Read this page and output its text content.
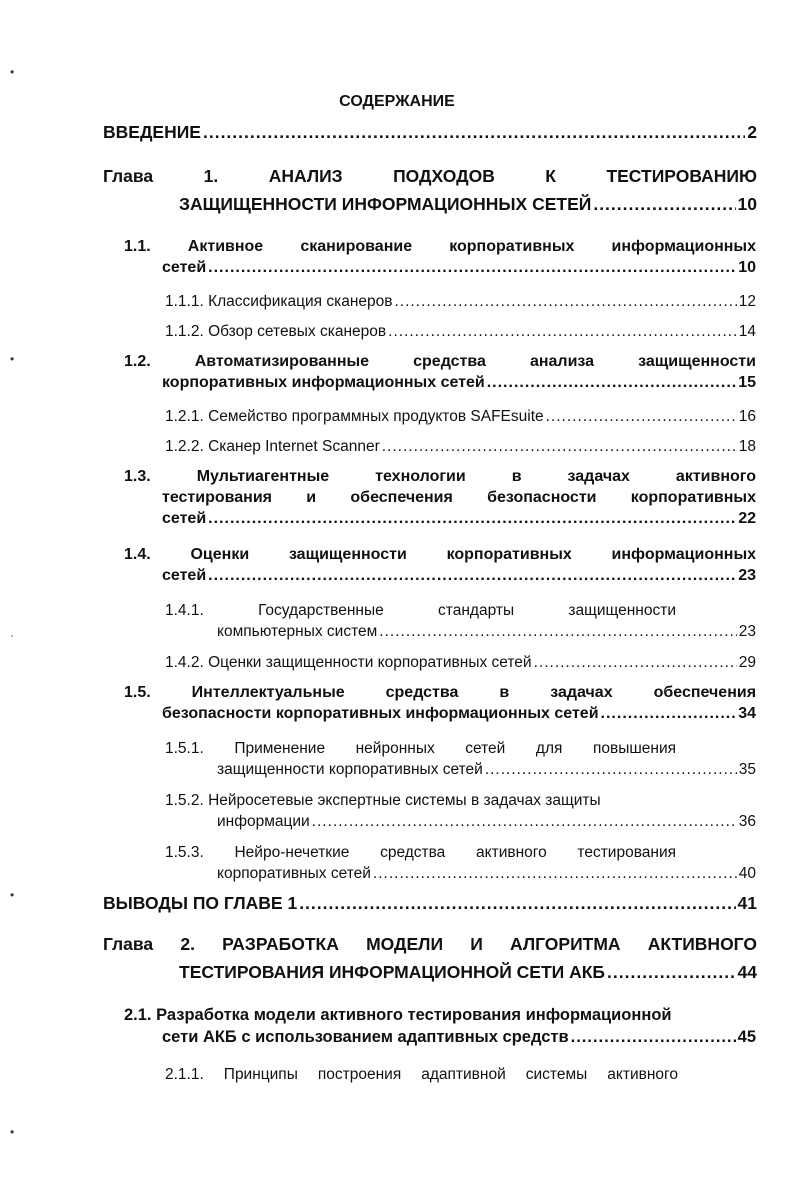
СОДЕРЖАНИЕ
ВВЕДЕНИЕ .....	2
Глава	1.	АНАЛИЗ	ПОДХОДОВ	К	ТЕСТИРОВАНИЮ
ЗАЩИЩЕННОСТИ ИНФОРМАЦИОННЫХ СЕТЕЙ .....	10
1.1. Активное сканирование корпоративных информационных
сетей .....	10
1.1.1. Классификация сканеров .....	12
1.1.2. Обзор сетевых сканеров .....	14
1.2.	Автоматизированные	средства	анализа	защищенности
корпоративных информационных сетей .....	15
1.2.1. Семейство программных продуктов SAFEsuite .....	16
1.2.2. Сканер Internet Scanner .....	18
1.3.	Мультиагентные	технологии	в	задачах	активного
тестирования и обеспечения безопасности корпоративных
сетей .....	22
1.4. Оценки защищенности корпоративных информационных
сетей .....	23
1.4.1.	Государственные	стандарты	защищенности
компьютерных систем .....	23
1.4.2. Оценки защищенности корпоративных сетей .....	29
1.5.	Интеллектуальные	средства	в	задачах	обеспечения
безопасности корпоративных информационных сетей .....	34
1.5.1. Применение нейронных сетей для повышения
защищенности корпоративных сетей .....	35
1.5.2. Нейросетевые экспертные системы в задачах защиты
информации .....	36
1.5.3. Нейро-нечеткие средства активного тестирования
корпоративных сетей .....	40
ВЫВОДЫ ПО ГЛАВЕ 1 .....	41
Глава 2. РАЗРАБОТКА МОДЕЛИ И АЛГОРИТМА АКТИВНОГО
ТЕСТИРОВАНИЯ ИНФОРМАЦИОННОЙ СЕТИ АКБ .....	44
2.1. Разработка модели активного тестирования информационной
сети АКБ с использованием адаптивных средств .....	45
2.1.1. Принципы построения адаптивной системы активного
•
•
·
•
•
